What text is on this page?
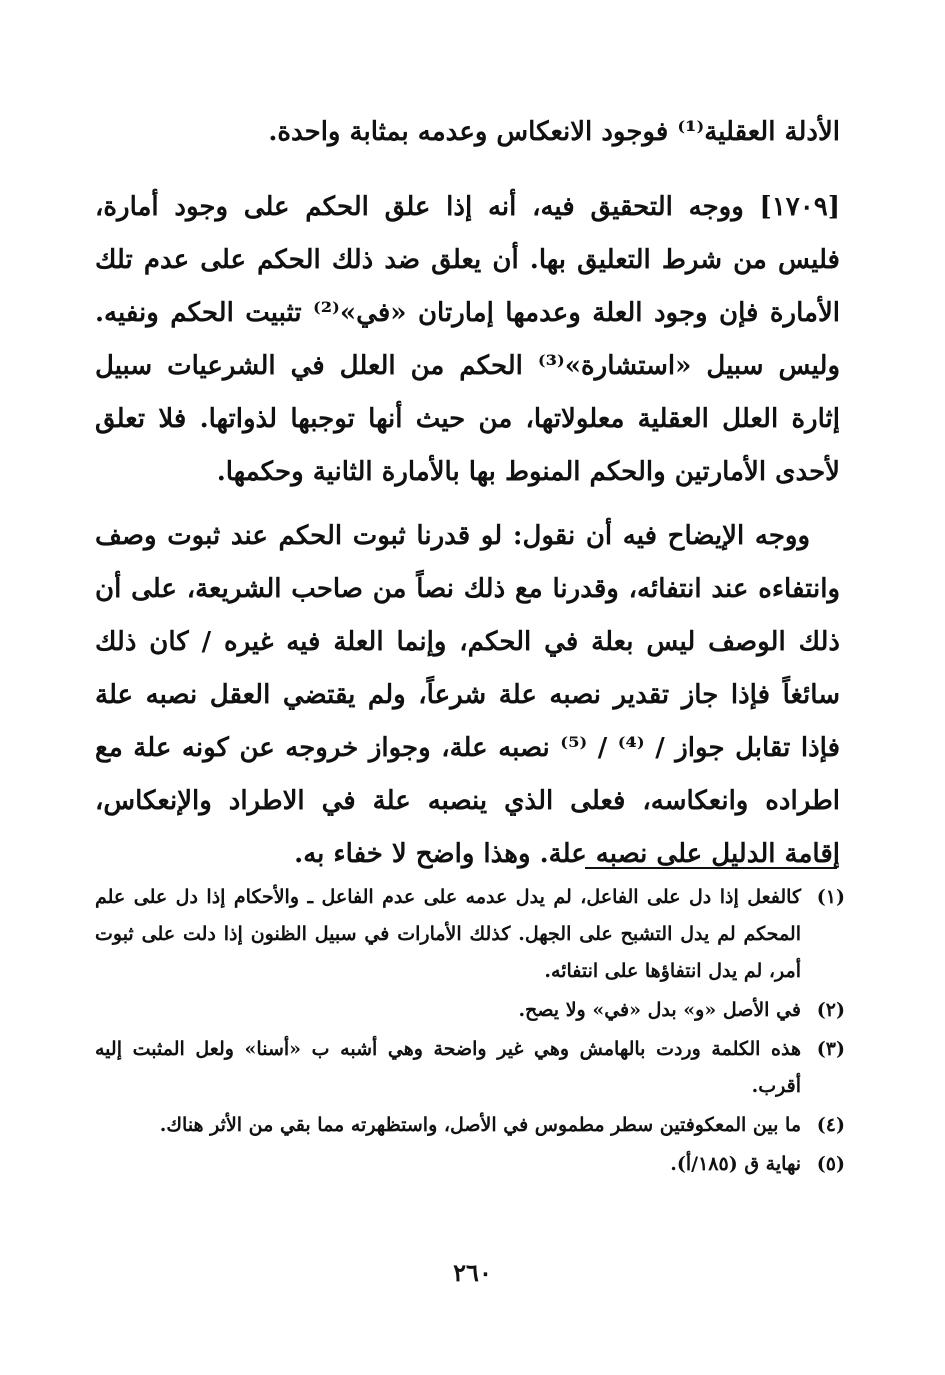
الأدلة العقلية⁽¹⁾ فوجود الانعكاس وعدمه بمثابة واحدة.

[١٧٠٩] ووجه التحقيق فيه، أنه إذا علق الحكم على وجود أمارة، فليس من شرط التعليق بها. أن يعلق ضد ذلك الحكم على عدم تلك الأمارة فإن وجود العلة وعدمها إمارتان «في»⁽²⁾ تثبيت الحكم ونفيه. وليس سبيل «استشارة»⁽³⁾ الحكم من العلل في الشرعيات سبيل إثارة العلل العقلية معلولاتها، من حيث أنها توجبها لذواتها. فلا تعلق لأحدى الأمارتين والحكم المنوط بها بالأمارة الثانية وحكمها.

ووجه الإيضاح فيه أن نقول: لو قدرنا ثبوت الحكم عند ثبوت وصف وانتفاءه عند انتفائه، وقدرنا مع ذلك نصاً من صاحب الشريعة، على أن ذلك الوصف ليس بعلة في الحكم، وإنما العلة فيه غيره / كان ذلك سائغاً فإذا جاز تقدير نصبه علة شرعاً، ولم يقتضي العقل نصبه علة فإذا تقابل جواز / ⁽⁴⁾ / ⁽⁵⁾ نصبه علة، وجواز خروجه عن كونه علة مع اطراده وانعكاسه، فعلى الذي ينصبه علة في الاطراد والإنعكاس، إقامة الدليل على نصبه علة. وهذا واضح لا خفاء به.

(١)
كالفعل إذا دل على الفاعل، لم يدل عدمه على عدم الفاعل ـ والأحكام إذا دل على علم المحكم لم يدل التشبح على الجهل. كذلك الأمارات في سبيل الظنون إذا دلت على ثبوت أمر، لم يدل انتفاؤها على انتفائه.
(٢)
في الأصل «و» بدل «في» ولا يصح.
(٣)
هذه الكلمة وردت بالهامش وهي غير واضحة وهي أشبه ب «أسنا» ولعل المثبت إليه أقرب.
(٤)
ما بين المعكوفتين سطر مطموس في الأصل، واستظهرته مما بقي من الأثر هناك.
(٥)
نهاية ق (١٨٥/أ).
٢٦٠
